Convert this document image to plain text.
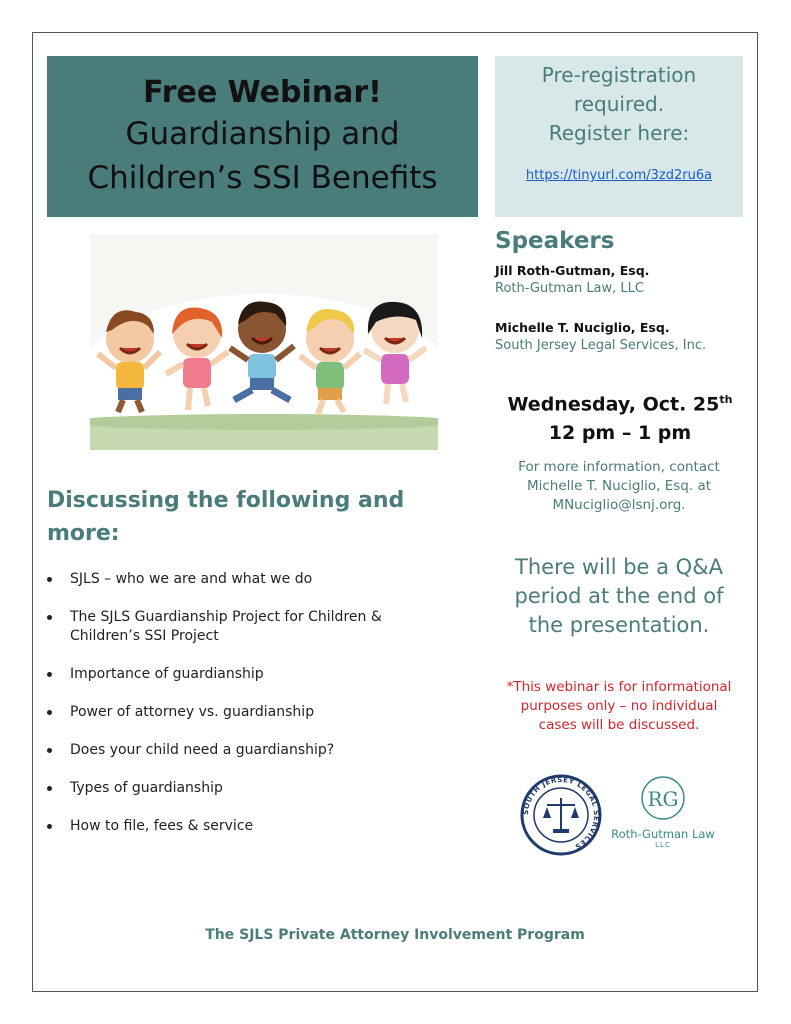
Free Webinar!
Guardianship and
Children’s SSI Benefits
Pre-registration
required.
Register here:
https://tinyurl.com/3zd2ru6a
Speakers
Jill Roth-Gutman, Esq.
Roth-Gutman Law, LLC
Michelle T. Nuciglio, Esq.
South Jersey Legal Services, Inc.
Wednesday, Oct. 25th
12 pm – 1 pm
For more information, contact
Michelle T. Nuciglio, Esq. at
MNuciglio@lsnj.org.
There will be a Q&A
period at the end of
the presentation.
*This webinar is for informational
purposes only – no individual
cases will be discussed.
Discussing the following and more:
SJLS – who we are and what we do
The SJLS Guardianship Project for Children & Children’s SSI Project
Importance of guardianship
Power of attorney vs. guardianship
Does your child need a guardianship?
Types of guardianship
How to file, fees & service
SOUTH JERSEY LEGAL SERVICES
RG
Roth-Gutman Law
LLC
The SJLS Private Attorney Involvement Program
